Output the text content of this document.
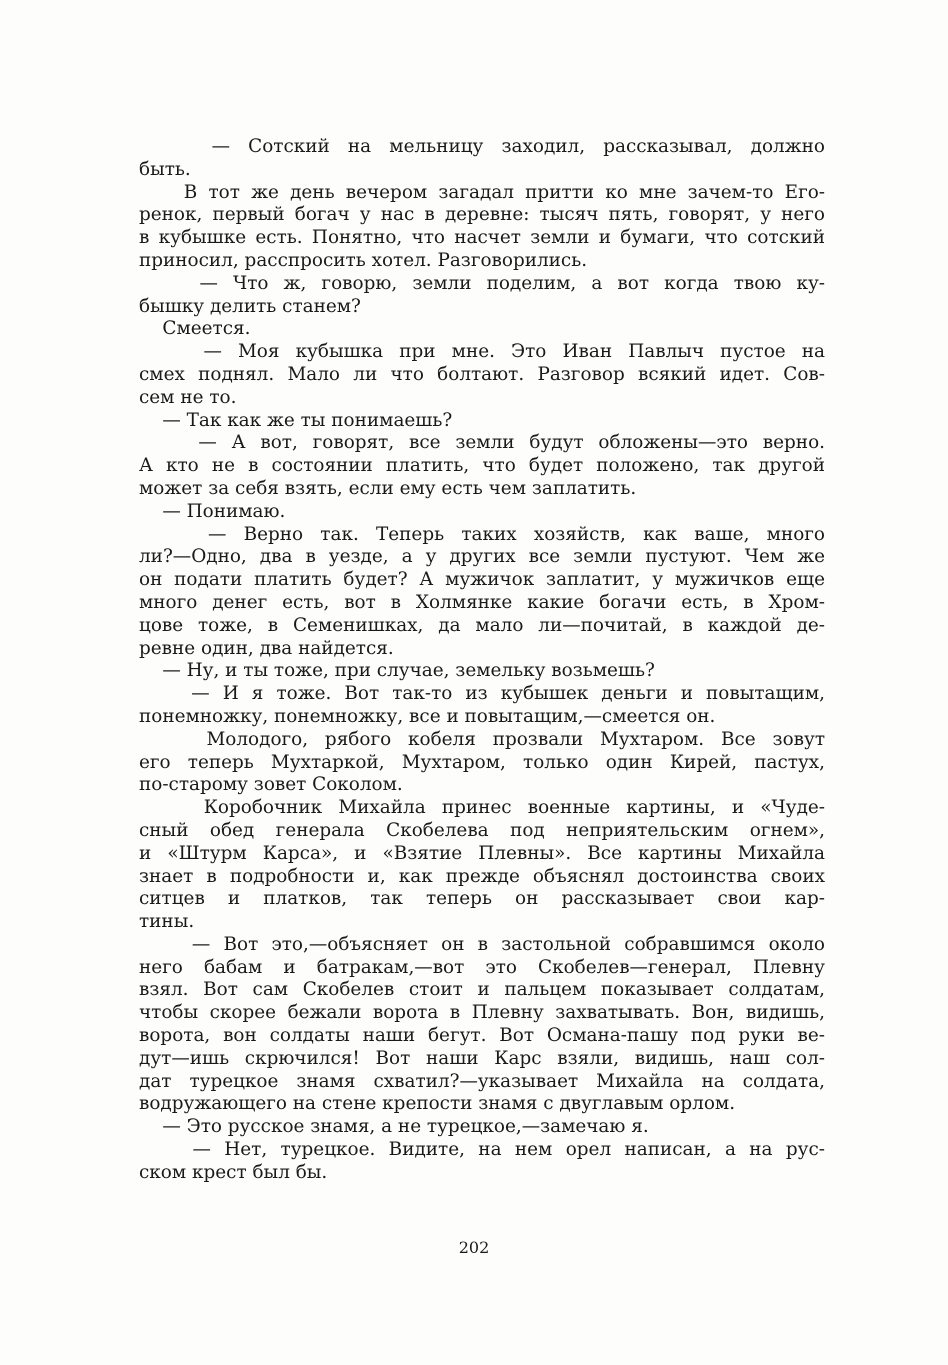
— Сотский на мельницу заходил, рассказывал, должно
быть.
В тот же день вечером загадал притти ко мне зачем-то Его-
ренок, первый богач у нас в деревне: тысяч пять, говорят, у него
в кубышке есть. Понятно, что насчет земли и бумаги, что сотский
приносил, расспросить хотел. Разговорились.
— Что ж, говорю, земли поделим, а вот когда твою ку-
бышку делить станем?
Смеется.
— Моя кубышка при мне. Это Иван Павлыч пустое на
смех поднял. Мало ли что болтают. Разговор всякий идет. Сов-
сем не то.
— Так как же ты понимаешь?
— А вот, говорят, все земли будут обложены—это верно.
А кто не в состоянии платить, что будет положено, так другой
может за себя взять, если ему есть чем заплатить.
— Понимаю.
— Верно так. Теперь таких хозяйств, как ваше, много
ли?—Одно, два в уезде, а у других все земли пустуют. Чем же
он подати платить будет? А мужичок заплатит, у мужичков еще
много денег есть, вот в Холмянке какие богачи есть, в Хром-
цове тоже, в Семенишках, да мало ли—почитай, в каждой де-
ревне один, два найдется.
— Ну, и ты тоже, при случае, земельку возьмешь?
— И я тоже. Вот так-то из кубышек деньги и повытащим,
понемножку, понемножку, все и повытащим,—смеется он.
Молодого, рябого кобеля прозвали Мухтаром. Все зовут
его теперь Мухтаркой, Мухтаром, только один Кирей, пастух,
по-старому зовет Соколом.
Коробочник Михайла принес военные картины, и «Чуде-
сный обед генерала Скобелева под неприятельским огнем»,
и «Штурм Карса», и «Взятие Плевны». Все картины Михайла
знает в подробности и, как прежде объяснял достоинства своих
ситцев и платков, так теперь он рассказывает свои кар-
тины.
— Вот это,—объясняет он в застольной собравшимся около
него бабам и батракам,—вот это Скобелев—генерал, Плевну
взял. Вот сам Скобелев стоит и пальцем показывает солдатам,
чтобы скорее бежали ворота в Плевну захватывать. Вон, видишь,
ворота, вон солдаты наши бегут. Вот Османа-пашу под руки ве-
дут—ишь скрючился! Вот наши Карс взяли, видишь, наш сол-
дат турецкое знамя схватил?—указывает Михайла на солдата,
водружающего на стене крепости знамя с двуглавым орлом.
— Это русское знамя, а не турецкое,—замечаю я.
— Нет, турецкое. Видите, на нем орел написан, а на рус-
ском крест был бы.
202
